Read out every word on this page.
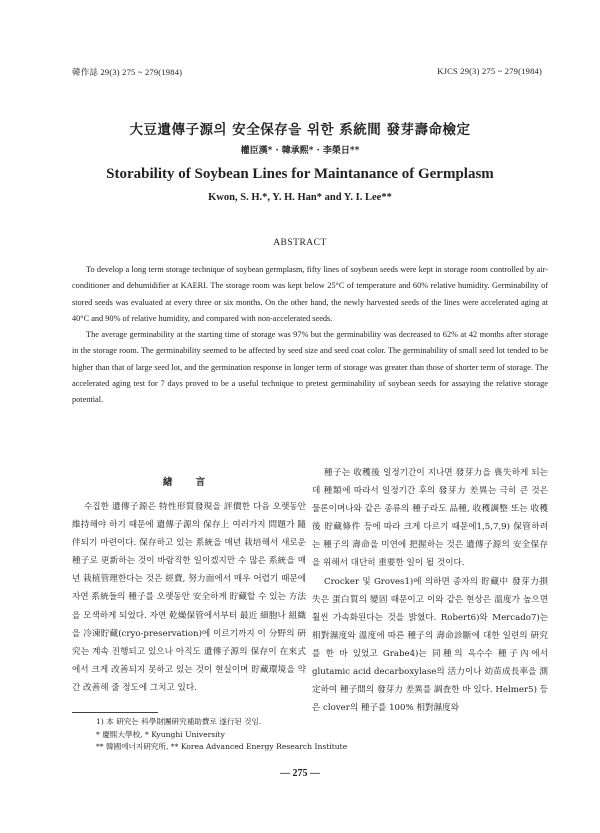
韓作誌 29(3) 275 ~ 279(1984)	KJCS 29(3) 275 ~ 279(1984)
大豆遺傳子源의 安全保存을 위한 系統間 發芽壽命檢定
權臣漢* · 韓承熙* · 李榮日**
Storability of Soybean Lines for Maintanance of Germplasm
Kwon, S. H.*, Y. H. Han* and Y. I. Lee**
ABSTRACT

To develop a long term storage technique of soybean germplasm, fifty lines of soybean seeds were kept in storage room controlled by air-conditioner and dehumidifier at KAERI. The storage room was kept below 25°C of temperature and 60% relative humidity. Germinability of stored seeds was evaluated at every three or six months. On the other hand, the newly harvested seeds of the lines were accelerated aging at 40°C and 90% of relative humidity, and compared with non-accelerated seeds.

The average germinability at the starting time of storage was 97% but the germinability was decreased to 62% at 42 months after storage in the storage room. The germinability seemed to be affected by seed size and seed coat color. The germinability of small seed lot tended to be higher than that of large seed lot, and the germination response in longer term of storage was greater than those of shorter term of storage. The accelerated aging test for 7 days proved to be a useful technique to pretest germinability of soybean seeds for assaying the relative storage potential.

緖 言

수집한 遺傳子源은 特性形質發現을 評價한 다음 오랫동안 維持해야 하기 때문에 遺傳子源의 保存上 여러가지 問題가 隨伴되기 마련이다. 保存하고 있는 系統을 매년 栽培해서 새로운 種子로 更新하는 것이 바람직한 일이겠지만 수 많은 系統을 매년 栽植管理한다는 것은 經費, 努力面에서 매우 어렵기 때문에 자연 系統들의 種子를 오랫동안 安全하게 貯藏할 수 있는 方法을 모색하게 되었다. 자연 乾燥保管에서부터 最近 細胞나 組織을 冷凍貯藏(cryo-preservation)에 이르기까지 이 分野의 硏究는 계속 진행되고 있으나 아직도 遺傳子源의 保存이 在來式에서 크게 改善되지 못하고 있는 것이 현실이며 貯藏環境을 약간 改善해 줄 정도에 그치고 있다.

種子는 收穫後 일정기간이 지나면 發芽力을 喪失하게 되는데 種類에 따라서 일정기간 후의 發芽力 差異는 극히 큰 것은 물론이며나와 같은 종류의 種子라도 品種, 收穫調整 또는 收穫後 貯藏條件 등에 따라 크게 다르기 때문에1,5,7,9) 保管하려는 種子의 壽命을 미연에 把握하는 것은 遺傳子源의 安全保存을 위해서 대단히 重要한 일이 될 것이다.

Crocker 및 Groves1)에 의하면 종자의 貯藏中 發芽力損失은 蛋白質의 變固 때문이고 이와 같은 현상은 溫度가 높으면 훨씬 가속화된다는 것을 밝혔다. Robert6)와 Mercado7)는 相對濕度와 溫度에 따른 種子의 壽命診斷에 대한 일련의 硏究를 한 바 있었고 Grabe4)는 同種의 옥수수 種子內에서 glutamic acid decarboxylase의 活力이나 幼苗成長率을 測定하여 種子間의 發芽力 差異를 調査한 바 있다. Helmer5) 등은 clover의 種子를 100% 相對濕度와

1) 本 硏究는 科學財團硏究補助費로 遂行된 것임.
* 慶熙大學校, * Kyunghi University
** 韓國에너지硏究所, ** Korea Advanced Energy Research Institute
— 275 —
